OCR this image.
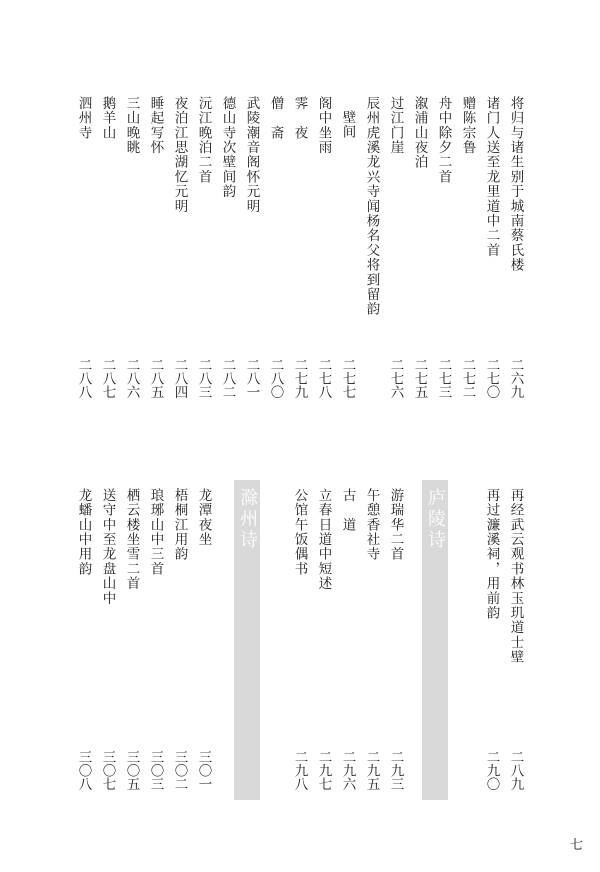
将归与诸生别于城南蔡氏楼
诸门人送至龙里道中二首
赠陈宗鲁
舟中除夕二首
溆浦山夜泊
过江门崖
辰州虎溪龙兴寺闻杨名父将到留韵
壁间
阁中坐雨
霁　夜
僧　斋
武陵潮音阁怀元明
德山寺次壁间韵
沅江晚泊二首
夜泊江思湖忆元明
睡起写怀
三山晚眺
鹅羊山
泗州寺
二六九
二七〇
二七二
二七三
二七五
二七六
二七七
二七八
二七九
二八〇
二八一
二八二
二八三
二八四
二八五
二八六
二八七
二八八
再经武云观书林玉玑道士壁
二八九
再过濂溪祠，用前韵
二九〇
庐陵诗
游瑞华二首
二九三
午憩香社寺
二九五
古　道
二九六
立春日道中短述
二九七
公馆午饭偶书
二九八
滁州诗
龙潭夜坐
三〇一
梧桐江用韵
三〇二
琅琊山中三首
三〇三
栖云楼坐雪二首
三〇五
送守中至龙盘山中
三〇七
龙蟠山中用韵
三〇八
七
